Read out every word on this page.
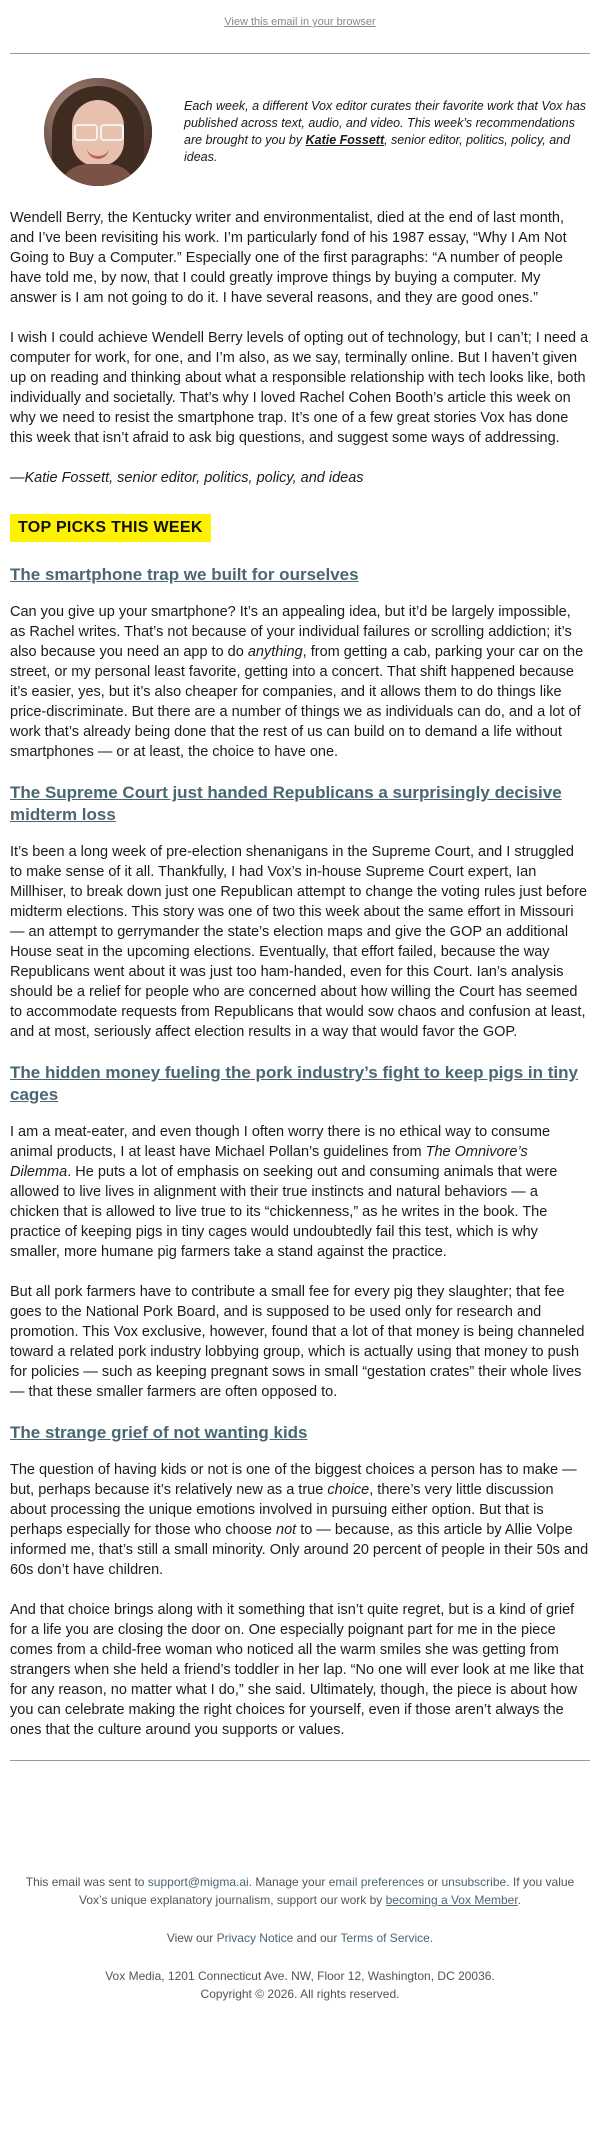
View this email in your browser
Each week, a different Vox editor curates their favorite work that Vox has published across text, audio, and video. This week’s recommendations are brought to you by Katie Fossett, senior editor, politics, policy, and ideas.

Wendell Berry, the Kentucky writer and environmentalist, died at the end of last month, and I’ve been revisiting his work. I’m particularly fond of his 1987 essay, “Why I Am Not Going to Buy a Computer.” Especially one of the first paragraphs: “A number of people have told me, by now, that I could greatly improve things by buying a computer. My answer is I am not going to do it. I have several reasons, and they are good ones.”

I wish I could achieve Wendell Berry levels of opting out of technology, but I can’t; I need a computer for work, for one, and I’m also, as we say, terminally online. But I haven’t given up on reading and thinking about what a responsible relationship with tech looks like, both individually and societally. That’s why I loved Rachel Cohen Booth’s article this week on why we need to resist the smartphone trap. It’s one of a few great stories Vox has done this week that isn’t afraid to ask big questions, and suggest some ways of addressing.

—Katie Fossett, senior editor, politics, policy, and ideas

TOP PICKS THIS WEEK
The smartphone trap we built for ourselves

Can you give up your smartphone? It’s an appealing idea, but it’d be largely impossible, as Rachel writes. That’s not because of your individual failures or scrolling addiction; it’s also because you need an app to do anything, from getting a cab, parking your car on the street, or my personal least favorite, getting into a concert. That shift happened because it’s easier, yes, but it’s also cheaper for companies, and it allows them to do things like price-discriminate. But there are a number of things we as individuals can do, and a lot of work that’s already being done that the rest of us can build on to demand a life without smartphones — or at least, the choice to have one.

The Supreme Court just handed Republicans a surprisingly decisive midterm loss

It’s been a long week of pre-election shenanigans in the Supreme Court, and I struggled to make sense of it all. Thankfully, I had Vox’s in-house Supreme Court expert, Ian Millhiser, to break down just one Republican attempt to change the voting rules just before midterm elections. This story was one of two this week about the same effort in Missouri — an attempt to gerrymander the state’s election maps and give the GOP an additional House seat in the upcoming elections. Eventually, that effort failed, because the way Republicans went about it was just too ham-handed, even for this Court. Ian’s analysis should be a relief for people who are concerned about how willing the Court has seemed to accommodate requests from Republicans that would sow chaos and confusion at least, and at most, seriously affect election results in a way that would favor the GOP.

The hidden money fueling the pork industry’s fight to keep pigs in tiny cages

I am a meat-eater, and even though I often worry there is no ethical way to consume animal products, I at least have Michael Pollan’s guidelines from The Omnivore’s Dilemma. He puts a lot of emphasis on seeking out and consuming animals that were allowed to live lives in alignment with their true instincts and natural behaviors — a chicken that is allowed to live true to its “chickenness,” as he writes in the book. The practice of keeping pigs in tiny cages would undoubtedly fail this test, which is why smaller, more humane pig farmers take a stand against the practice.

But all pork farmers have to contribute a small fee for every pig they slaughter; that fee goes to the National Pork Board, and is supposed to be used only for research and promotion. This Vox exclusive, however, found that a lot of that money is being channeled toward a related pork industry lobbying group, which is actually using that money to push for policies — such as keeping pregnant sows in small “gestation crates” their whole lives — that these smaller farmers are often opposed to.

The strange grief of not wanting kids

The question of having kids or not is one of the biggest choices a person has to make — but, perhaps because it’s relatively new as a true choice, there’s very little discussion about processing the unique emotions involved in pursuing either option. But that is perhaps especially for those who choose not to — because, as this article by Allie Volpe informed me, that’s still a small minority. Only around 20 percent of people in their 50s and 60s don’t have children.

And that choice brings along with it something that isn’t quite regret, but is a kind of grief for a life you are closing the door on. One especially poignant part for me in the piece comes from a child-free woman who noticed all the warm smiles she was getting from strangers when she held a friend’s toddler in her lap. “No one will ever look at me like that for any reason, no matter what I do,” she said. Ultimately, though, the piece is about how you can celebrate making the right choices for yourself, even if those aren’t always the ones that the culture around you supports or values.

This email was sent to support@migma.ai. Manage your email preferences or unsubscribe. If you value Vox’s unique explanatory journalism, support our work by becoming a Vox Member.

View our Privacy Notice and our Terms of Service.

Vox Media, 1201 Connecticut Ave. NW, Floor 12, Washington, DC 20036.
Copyright © 2026. All rights reserved.
